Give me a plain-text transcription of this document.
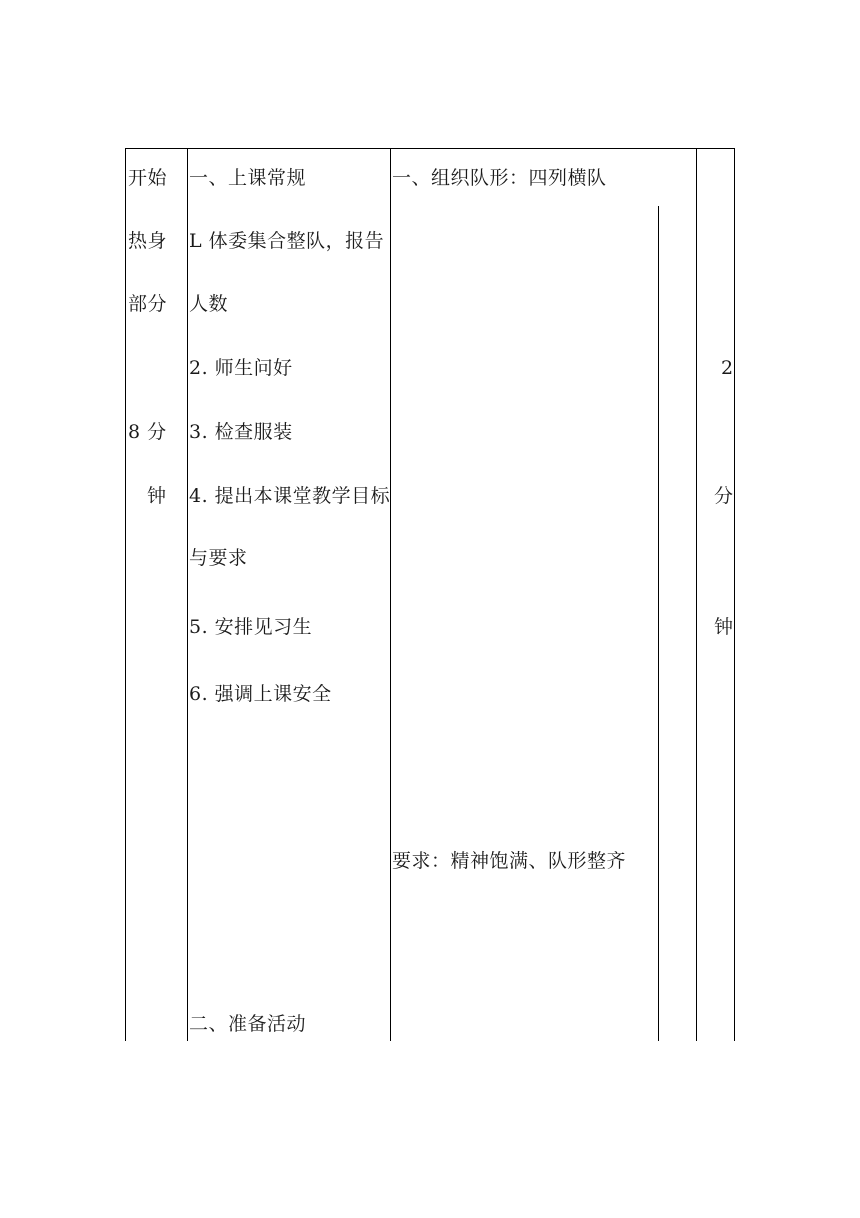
开始
热身
部分
8 分
钟
一、上课常规
L 体委集合整队，报告
人数
2. 师生问好
3. 检查服装
4. 提出本课堂教学目标
与要求
5. 安排见习生
6. 强调上课安全
二、准备活动
一、组织队形：四列横队
要求：精神饱满、队形整齐
2
分
钟
